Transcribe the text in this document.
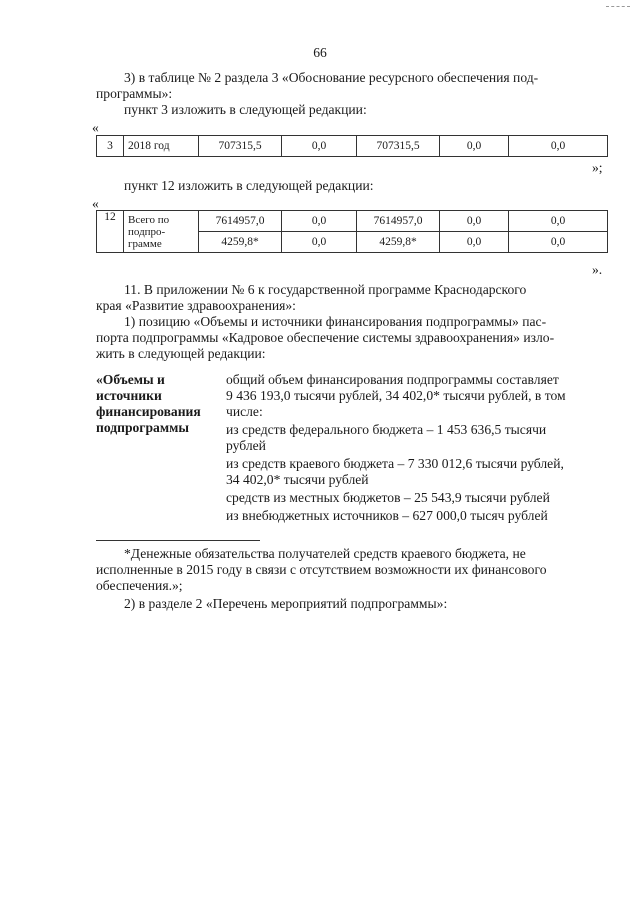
66
3) в таблице № 2 раздела 3 «Обоснование ресурсного обеспечения под-
программы»:
пункт 3 изложить в следующей редакции:
«
3	2018 год	707315,5	0,0	707315,5	0,0	0,0
»;
пункт 12 изложить в следующей редакции:
«
12	Всего по
подпро-
грамме	7614957,0	0,0	7614957,0	0,0	0,0
		4259,8*	0,0	4259,8*	0,0	0,0
».
11. В приложении № 6 к государственной программе Краснодарского
края «Развитие здравоохранения»:
1) позицию «Объемы и источники финансирования подпрограммы» пас-
порта подпрограммы «Кадровое обеспечение системы здравоохранения» изло-
жить в следующей редакции:
«Объемы и
источники
финансирования
подпрограммы
общий объем финансирования подпрограммы составляет
9 436 193,0 тысячи рублей, 34 402,0* тысячи рублей, в том
числе:
из средств федерального бюджета – 1 453 636,5 тысячи
рублей
из средств краевого бюджета – 7 330 012,6 тысячи рублей,
34 402,0* тысячи рублей
средств из местных бюджетов – 25 543,9 тысячи рублей
из внебюджетных источников – 627 000,0 тысяч рублей
*Денежные обязательства получателей средств краевого бюджета, не
исполненные в 2015 году в связи с отсутствием возможности их финансового
обеспечения.»;
2) в разделе 2 «Перечень мероприятий подпрограммы»:
